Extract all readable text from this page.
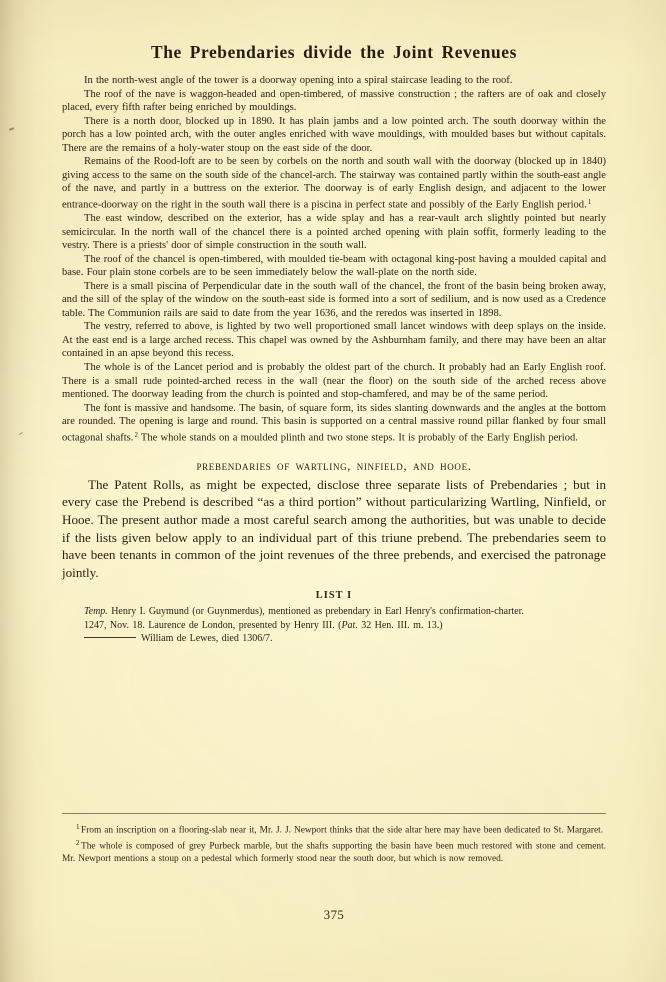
The Prebendaries divide the Joint Revenues

In the north-west angle of the tower is a doorway opening into a spiral staircase leading to the roof.

The roof of the nave is waggon-headed and open-timbered, of massive construction ; the rafters are of oak and closely placed, every fifth rafter being enriched by mouldings.

There is a north door, blocked up in 1890. It has plain jambs and a low pointed arch. The south doorway within the porch has a low pointed arch, with the outer angles enriched with wave mouldings, with moulded bases but without capitals. There are the remains of a holy-water stoup on the east side of the door.

Remains of the Rood-loft are to be seen by corbels on the north and south wall with the doorway (blocked up in 1840) giving access to the same on the south side of the chancel-arch. The stairway was contained partly within the south-east angle of the nave, and partly in a buttress on the exterior. The doorway is of early English design, and adjacent to the lower entrance-doorway on the right in the south wall there is a piscina in perfect state and possibly of the Early English period.$^1$

The east window, described on the exterior, has a wide splay and has a rear-vault arch slightly pointed but nearly semicircular. In the north wall of the chancel there is a pointed arched opening with plain soffit, formerly leading to the vestry. There is a priests' door of simple construction in the south wall.

The roof of the chancel is open-timbered, with moulded tie-beam with octagonal king-post having a moulded capital and base. Four plain stone corbels are to be seen immediately below the wall-plate on the north side.

There is a small piscina of Perpendicular date in the south wall of the chancel, the front of the basin being broken away, and the sill of the splay of the window on the south-east side is formed into a sort of sedilium, and is now used as a Credence table. The Communion rails are said to date from the year 1636, and the reredos was inserted in 1898.

The vestry, referred to above, is lighted by two well proportioned small lancet windows with deep splays on the inside. At the east end is a large arched recess. This chapel was owned by the Ashburnham family, and there may have been an altar contained in an apse beyond this recess.

The whole is of the Lancet period and is probably the oldest part of the church. It probably had an Early English roof. There is a small rude pointed-arched recess in the wall (near the floor) on the south side of the arched recess above mentioned. The doorway leading from the church is pointed and stop-chamfered, and may be of the same period.

The font is massive and handsome. The basin, of square form, its sides slanting downwards and the angles at the bottom are rounded. The opening is large and round. This basin is supported on a central massive round pillar flanked by four small octagonal shafts.$^2$ The whole stands on a moulded plinth and two stone steps. It is probably of the Early English period.

prebendaries of wartling, ninfield, and hooe.

The Patent Rolls, as might be expected, disclose three separate lists of Prebendaries ; but in every case the Prebend is described “as a third portion” without particularizing Wartling, Ninfield, or Hooe. The present author made a most careful search among the authorities, but was unable to decide if the lists given below apply to an individual part of this triune prebend. The prebendaries seem to have been tenants in common of the joint revenues of the three prebends, and exercised the patronage jointly.

LIST I

Temp. Henry I. Guymund (or Guynmerdus), mentioned as prebendary in Earl Henry's confirmation-charter.

1247, Nov. 18. Laurence de London, presented by Henry III. (Pat. 32 Hen. III. m. 13.)

William de Lewes, died 1306/7.

$^1$ From an inscription on a flooring-slab near it, Mr. J. J. Newport thinks that the side altar here may have been dedicated to St. Margaret.

$^2$ The whole is composed of grey Purbeck marble, but the shafts supporting the basin have been much restored with stone and cement. Mr. Newport mentions a stoup on a pedestal which formerly stood near the south door, but which is now removed.

375
